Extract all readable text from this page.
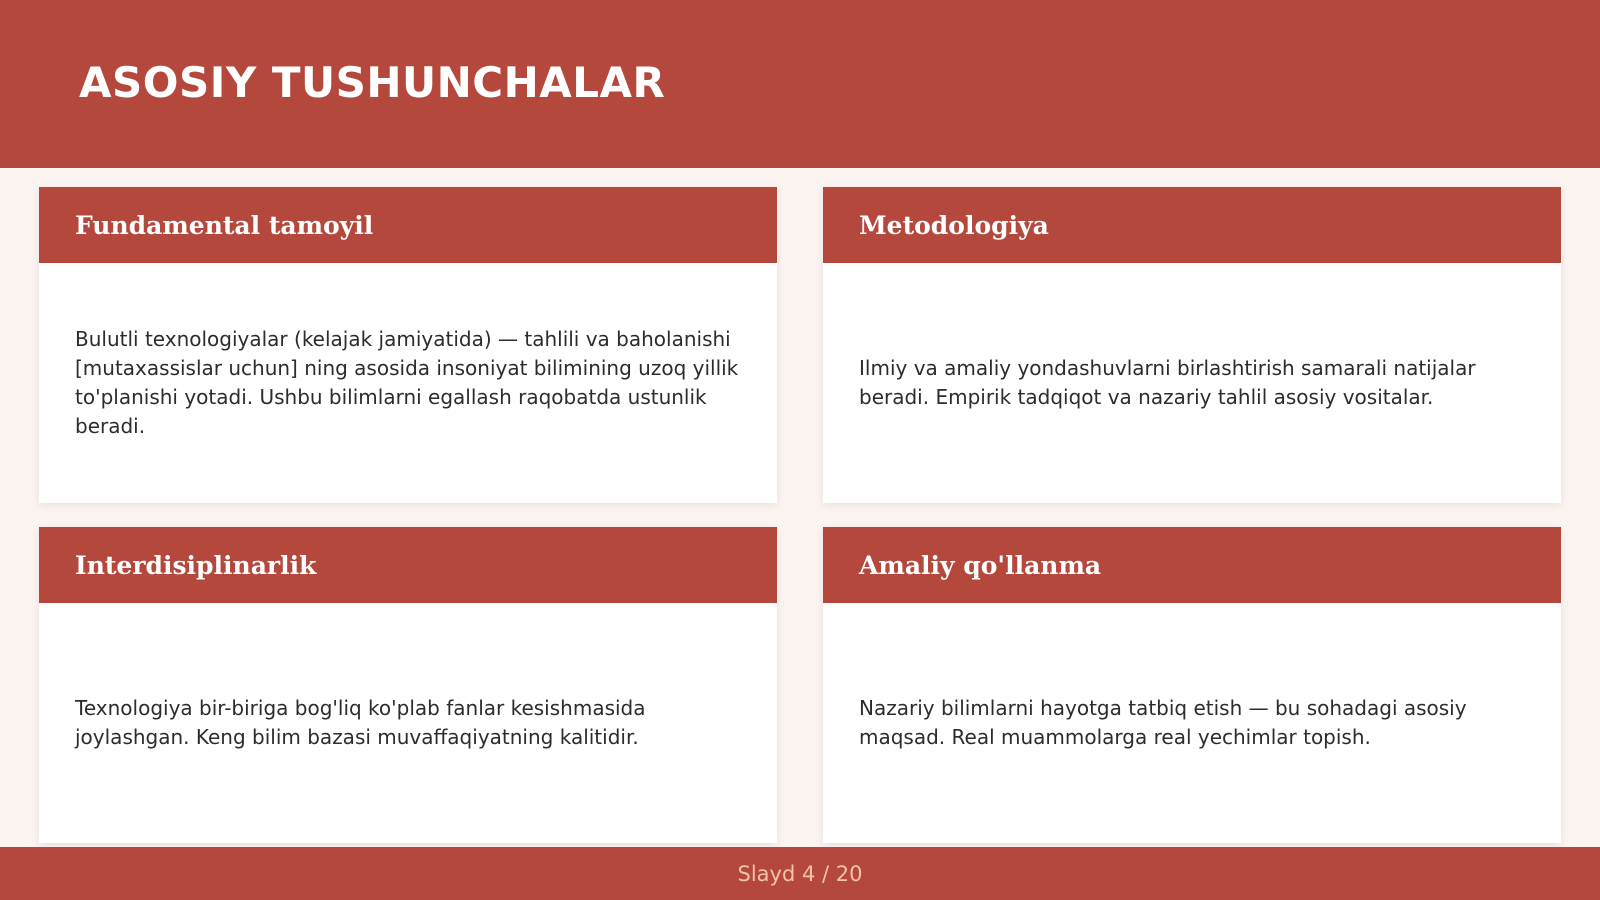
ASOSIY TUSHUNCHALAR
Fundamental tamoyil

Bulutli texnologiyalar (kelajak jamiyatida) — tahlili va baholanishi [mutaxassislar uchun] ning asosida insoniyat bilimining uzoq yillik to'planishi yotadi. Ushbu bilimlarni egallash raqobatda ustunlik beradi.

Metodologiya

Ilmiy va amaliy yondashuvlarni birlashtirish samarali natijalar beradi. Empirik tadqiqot va nazariy tahlil asosiy vositalar.

Interdisiplinarlik

Texnologiya bir-biriga bog'liq ko'plab fanlar kesishmasida joylashgan. Keng bilim bazasi muvaffaqiyatning kalitidir.

Amaliy qo'llanma

Nazariy bilimlarni hayotga tatbiq etish — bu sohadagi asosiy maqsad. Real muammolarga real yechimlar topish.

Slayd 4 / 20
